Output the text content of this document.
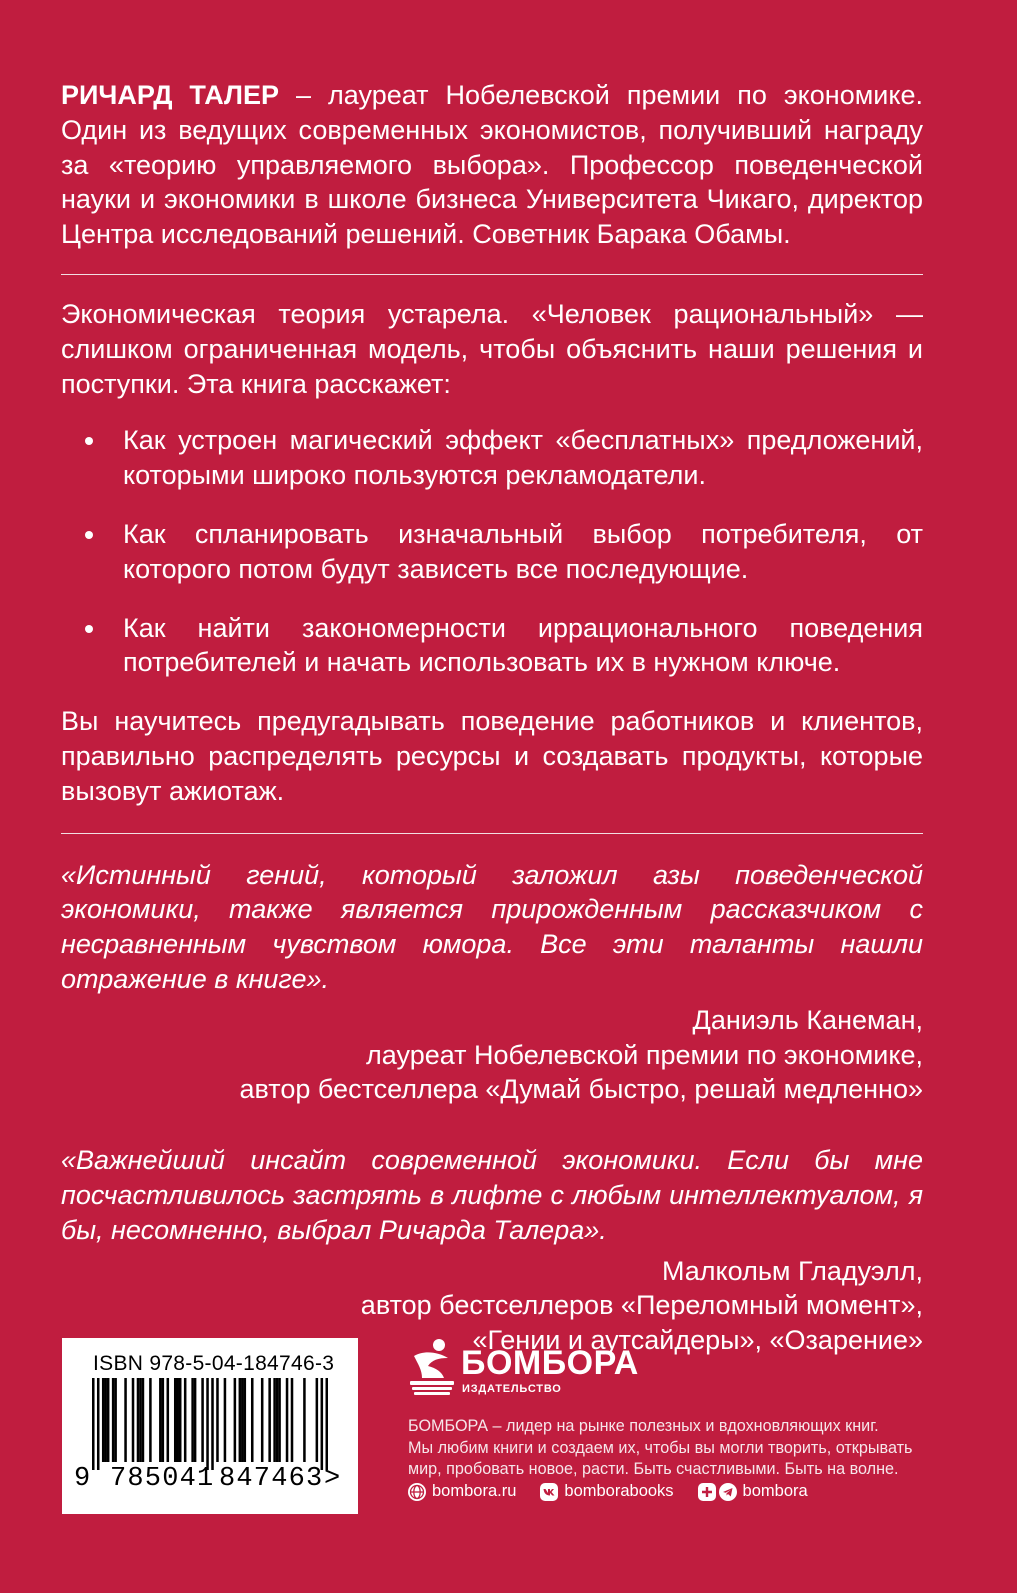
РИЧАРД ТАЛЕР – лауреат Нобелевской премии по экономике. Один из ведущих современных экономистов, получивший награду за «теорию управляемого выбора». Профессор поведенческой науки и экономики в школе бизнеса Университета Чикаго, директор Центра исследований решений. Советник Барака Обамы.

Экономическая теория устарела. «Человек рациональный» — слишком ограниченная модель, чтобы объяснить наши решения и поступки. Эта книга расскажет:

Как устроен магический эффект «бесплатных» предложений, которыми широко пользуются рекламодатели.
Как спланировать изначальный выбор потребителя, от которого потом будут зависеть все последующие.
Как найти закономерности иррационального поведения потребителей и начать использовать их в нужном ключе.

Вы научитесь предугадывать поведение работников и клиентов, правильно распределять ресурсы и создавать продукты, которые вызовут ажиотаж.

«Истинный гений, который заложил азы поведенческой экономики, также является прирожденным рассказчиком с несравненным чувством юмора. Все эти таланты нашли отражение в книге».

Даниэль Канеман,
лауреат Нобелевской премии по экономике,
автор бестселлера «Думай быстро, решай медленно»

«Важнейший инсайт современной экономики. Если бы мне посчастливилось застрять в лифте с любым интеллектуалом, я бы, несомненно, выбрал Ричарда Талера».

Малкольм Гладуэлл,
автор бестселлеров «Переломный момент»,
«Гении и аутсайдеры», «Озарение»
ISBN 978-5-04-184746-3
9 785041 847463 >
БОМБОРА
ИЗДАТЕЛЬСТВО
БОМБОРА – лидер на рынке полезных и вдохновляющих книг.
Мы любим книги и создаем их, чтобы вы могли творить, открывать
мир, пробовать новое, расти. Быть счастливыми. Быть на волне.
bombora.ru	bomborabooks	bombora
